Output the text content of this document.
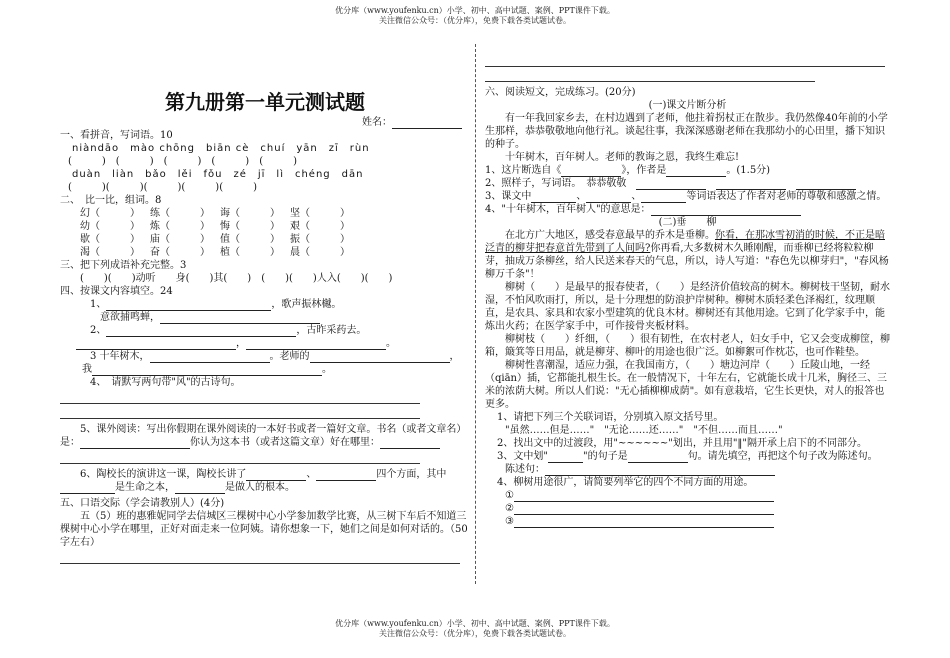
优分库（www.youfenku.cn）小学、初中、高中试题、案例、PPT课件下载。
关注微信公众号：（优分库），免费下载各类试题试卷。
第九册第一单元测试题
姓名：
一、看拼音，写词语。10
niàndāo　mào chōng　biān cè　chuí　yān　zī　rùn
(　　　)　(　　　)　(　　　)　(　　　)　(　　　)
duàn　liàn　bǎo　lěi　fǒu　zé　jī　lì　chéng　dān
(　　　)(　　　)(　　　)(　　　)(　　　)
二、　比一比，组词。8
幻（　　　）	练（　　　）	诲（　　　）	坚（　　　）
幼（　　　）	炼（　　　）	悔（　　　）	艰（　　　）
歇（　　　）	庙（　　　）	值（　　　）	振（　　　）
渴（　　　）	奋（　　　）	植（　　　）	晨（　　　）
三、把下列成语补充完整。3
(　　)(　　)动听　　身(　　)其(　　)　(　　)(　　)人入(　　)(　　)
四、按课文内容填空。24
1、	，歌声振林樾。
意欲捕鸣蝉，
2、	，古昨采药去。
，	。
3 十年树木，	。老师的	，
我	。
4、　请默写两句带"风"的古诗句。
5、课外阅读：写出你假期在课外阅读的一本好书或者一篇好文章。书名（或者文章名）是：	你认为这本书（或者这篇文章）好在哪里：
6、陶校长的演讲这一课，陶校长讲了	、	四个方面，其中是生命之本，	是做人的根本。
五、口语交际（学会请教别人）(4分)
五（5）班的惠雅妮同学去信城区三棵树中心小学参加数学比赛，从三树下车后不知道三棵树中心小学在哪里，正好对面走来一位阿姨。请你想象一下，她们之间是如何对话的。（50字左右）
六、阅读短文，完成练习。(20分)
(一)课文片断分析
有一年我回家乡去，在村边遇到了老师，他拄着拐杖正在散步。我仍然像40年前的小学生那样，恭恭敬敬地向他行礼。谈起往事，我深深感谢老师在我那幼小的心田里，播下知识的种子。
十年树木，百年树人。老师的教诲之恩，我终生难忘!
1、这片断选自《	》，作者是	。(1.5分)
2、照样子，写词语。　恭恭敬敬　　　
3、课文中	、	、	等词语表达了作者对老师的尊敬和感激之情。
4、"十年树木，百年树人"的意思是：
(二)垂　　柳
在北方广大地区，感受春意最早的乔木是垂柳。你看，在那冰雪初消的时候，不正是暗泛青的柳芽把春意首先带到了人间吗?你再看,大多数树木久睡刚醒，而垂柳已经将粒粒柳芽，抽成万条柳丝，给人民送来春天的气息，所以，诗人写道："春色先以柳芽归"，"春风杨柳万千条"！
柳树（　　）是最早的报春使者，（　　）是经济价值较高的树木。柳树枝干坚韧，耐水湿，不怕风吹雨打，所以，是十分理想的防浪护岸树种。柳树木质轻柔色泽褐红，纹理顺直，是农具、家具和农家小型建筑的优良木材。柳树还有其他用途。它到了化学家手中，能炼出火药；在医学家手中，可作接骨夹板材料。
柳树枝（　　）纤细，（　　）很有韧性，在农村老人，妇女手中，它又会变成柳筐，柳箱，簸箕等日用品，就是柳芽、柳叶的用途也很广泛。如柳絮可作枕芯，也可作鞋垫。
柳树性喜潮湿，适应力强，在我国南方，（　　）塘边河岸（　　）丘陵山地，一经（qiān）插，它都能扎根生长。在一般情况下，十年左右，它就能长成十几米，胸径三、三米的浓荫大树。所以人们说："无心插柳柳成荫"。如有意栽培，它生长更快，对人的报答也更多。
1、请把下列三个关联词语，分别填入原文括号里。
"虽然……但是……"　"无论……还……"　"不但……而且……"
2、找出文中的过渡段，用"~~~~~~"划出，并且用"‖"隔开承上启下的不同部分。
3、文中划"	"的句子是	句。请先填空，再把这个句子改为陈述句。
陈述句：
4、柳树用途很广，请简要列举它的四个不同方面的用途。
①
②
③
优分库（www.youfenku.cn）小学、初中、高中试题、案例、PPT课件下载。
关注微信公众号：（优分库），免费下载各类试题试卷。
